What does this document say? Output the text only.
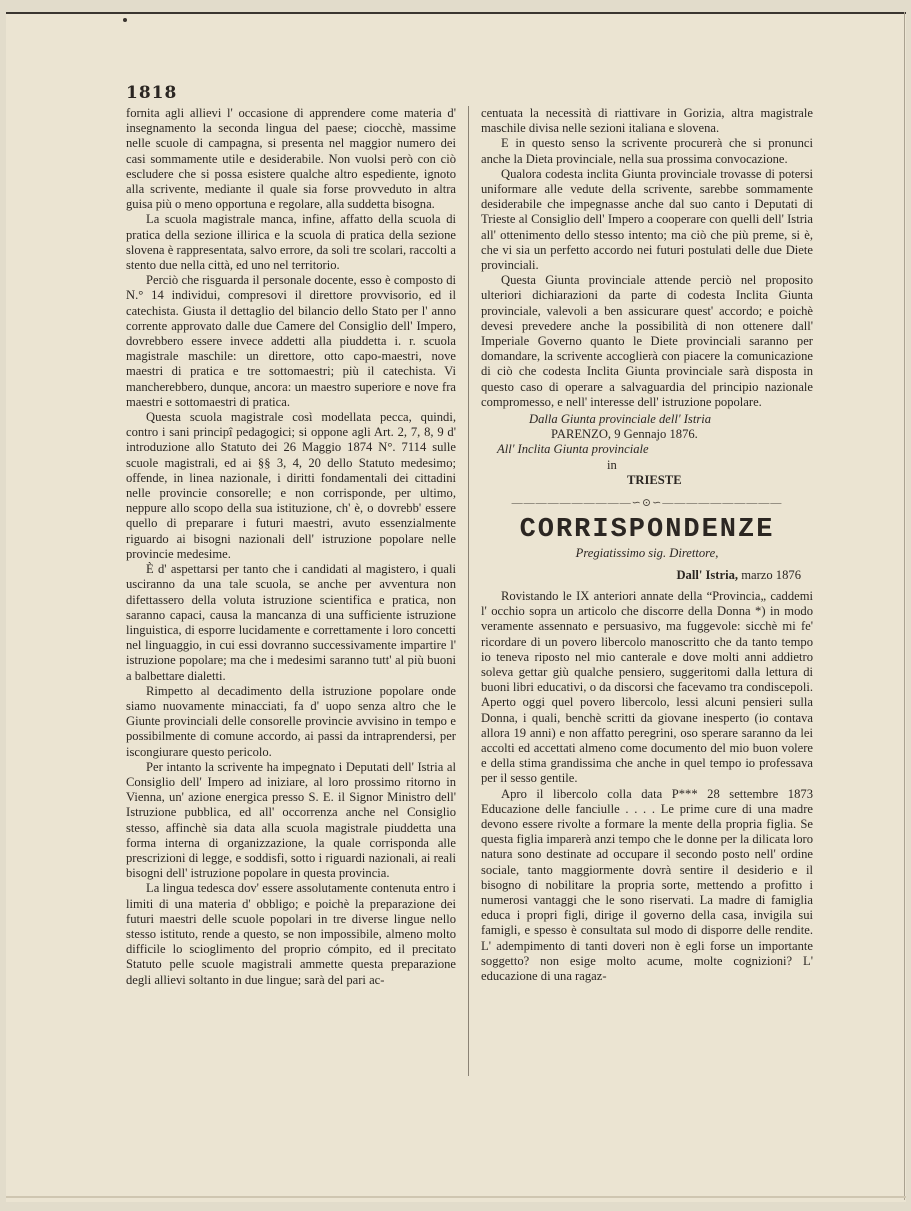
1818

fornita agli allievi l' occasione di apprendere come materia d' insegnamento la seconda lingua del paese; ciocchè, massime nelle scuole di campagna, si presenta nel maggior numero dei casi sommamente utile e desiderabile. Non vuolsi però con ciò escludere che si possa esistere qualche altro espediente, ignoto alla scrivente, mediante il quale sia forse provveduto in altra guisa più o meno opportuna e regolare, alla suddetta bisogna.

La scuola magistrale manca, infine, affatto della scuola di pratica della sezione illirica e la scuola di pratica della sezione slovena è rappresentata, salvo errore, da soli tre scolari, raccolti a stento due nella città, ed uno nel territorio.

Perciò che risguarda il personale docente, esso è composto di N.° 14 individui, compresovi il direttore provvisorio, ed il catechista. Giusta il dettaglio del bilancio dello Stato per l' anno corrente approvato dalle due Camere del Consiglio dell' Impero, dovrebbero essere invece addetti alla piuddetta i. r. scuola magistrale maschile: un direttore, otto capo-maestri, nove maestri di pratica e tre sottomaestri; più il catechista. Vi mancherebbero, dunque, ancora: un maestro superiore e nove fra maestri e sottomaestri di pratica.

Questa scuola magistrale così modellata pecca, quindi, contro i sani principî pedagogici; si oppone agli Art. 2, 7, 8, 9 d' introduzione allo Statuto dei 26 Maggio 1874 N°. 7114 sulle scuole magistrali, ed ai §§ 3, 4, 20 dello Statuto medesimo; offende, in linea nazionale, i diritti fondamentali dei cittadini nelle provincie consorelle; e non corrisponde, per ultimo, neppure allo scopo della sua istituzione, ch' è, o dovrebb' essere quello di preparare i futuri maestri, avuto essenzialmente riguardo ai bisogni nazionali dell' istruzione popolare nelle provincie medesime.

È d' aspettarsi per tanto che i candidati al magistero, i quali usciranno da una tale scuola, se anche per avventura non difettassero della voluta istruzione scientifica e pratica, non saranno capaci, causa la mancanza di una sufficiente istruzione linguistica, di esporre lucidamente e correttamente i loro concetti nel linguaggio, in cui essi dovranno successivamente impartire l' istruzione popolare; ma che i medesimi saranno tutt' al più buoni a balbettare dialetti.

Rimpetto al decadimento della istruzione popolare onde siamo nuovamente minacciati, fa d' uopo senza altro che le Giunte provinciali delle consorelle provincie avvisino in tempo e possibilmente di comune accordo, ai passi da intraprendersi, per iscongiurare questo pericolo.

Per intanto la scrivente ha impegnato i Deputati dell' Istria al Consiglio dell' Impero ad iniziare, al loro prossimo ritorno in Vienna, un' azione energica presso S. E. il Signor Ministro dell' Istruzione pubblica, ed all' occorrenza anche nel Consiglio stesso, affinchè sia data alla scuola magistrale piuddetta una forma interna di organizzazione, la quale corrisponda alle prescrizioni di legge, e soddisfi, sotto i riguardi nazionali, ai reali bisogni dell' istruzione popolare in questa provincia.

La lingua tedesca dov' essere assolutamente contenuta entro i limiti di una materia d' obbligo; e poichè la preparazione dei futuri maestri delle scuole popolari in tre diverse lingue nello stesso istituto, rende a questo, se non impossibile, almeno molto difficile lo scioglimento del proprio cómpito, ed il precitato Statuto pelle scuole magistrali ammette questa preparazione degli allievi soltanto in due lingue; sarà del pari ac-

centuata la necessità di riattivare in Gorizia, altra magistrale maschile divisa nelle sezioni italiana e slovena.

E in questo senso la scrivente procurerà che si pronunci anche la Dieta provinciale, nella sua prossima convocazione.

Qualora codesta inclita Giunta provinciale trovasse di potersi uniformare alle vedute della scrivente, sarebbe sommamente desiderabile che impegnasse anche dal suo canto i Deputati di Trieste al Consiglio dell' Impero a cooperare con quelli dell' Istria all' ottenimento dello stesso intento; ma ciò che più preme, si è, che vi sia un perfetto accordo nei futuri postulati delle due Diete provinciali.

Questa Giunta provinciale attende perciò nel proposito ulteriori dichiarazioni da parte di codesta Inclita Giunta provinciale, valevoli a ben assicurare quest' accordo; e poichè devesi prevedere anche la possibilità di non ottenere dall' Imperiale Governo quanto le Diete provinciali saranno per domandare, la scrivente accoglierà con piacere la comunicazione di ciò che codesta Inclita Giunta provinciale sarà disposta in questo caso di operare a salvaguardia del principio nazionale compromesso, e nell' interesse dell' istruzione popolare.

Dalla Giunta provinciale dell' Istria
PARENZO, 9 Gennajo 1876.
All' Inclita Giunta provinciale
in
TRIESTE
——————————∽⊙∽——————————
CORRISPONDENZE
Pregiatissimo sig. Direttore,
Dall' Istria, marzo 1876

Rovistando le IX anteriori annate della “Provincia„ caddemi l' occhio sopra un articolo che discorre della Donna *) in modo veramente assennato e persuasivo, ma fuggevole: sicchè mi fe' ricordare di un povero libercolo manoscritto che da tanto tempo io teneva riposto nel mio canterale e dove molti anni addietro soleva gettar giù qualche pensiero, suggeritomi dalla lettura di buoni libri educativi, o da discorsi che facevamo tra condiscepoli. Aperto oggi quel povero libercolo, lessi alcuni pensieri sulla Donna, i quali, benchè scritti da giovane inesperto (io contava allora 19 anni) e non affatto peregrini, oso sperare saranno da lei accolti ed accettati almeno come documento del mio buon volere e della stima grandissima che anche in quel tempo io professava per il sesso gentile.

Apro il libercolo colla data P*** 28 settembre 1873 Educazione delle fanciulle . . . . Le prime cure di una madre devono essere rivolte a formare la mente della propria figlia. Se questa figlia imparerà anzi tempo che le donne per la dilicata loro natura sono destinate ad occupare il secondo posto nell' ordine sociale, tanto maggiormente dovrà sentire il desiderio e il bisogno di nobilitare la propria sorte, mettendo a profitto i numerosi vantaggi che le sono riservati. La madre di famiglia educa i propri figli, dirige il governo della casa, invigila sui famigli, e spesso è consultata sul modo di disporre delle rendite. L' adempimento di tanti doveri non è egli forse un importante soggetto? non esige molto acume, molte cognizioni? L' educazione di una ragaz-
